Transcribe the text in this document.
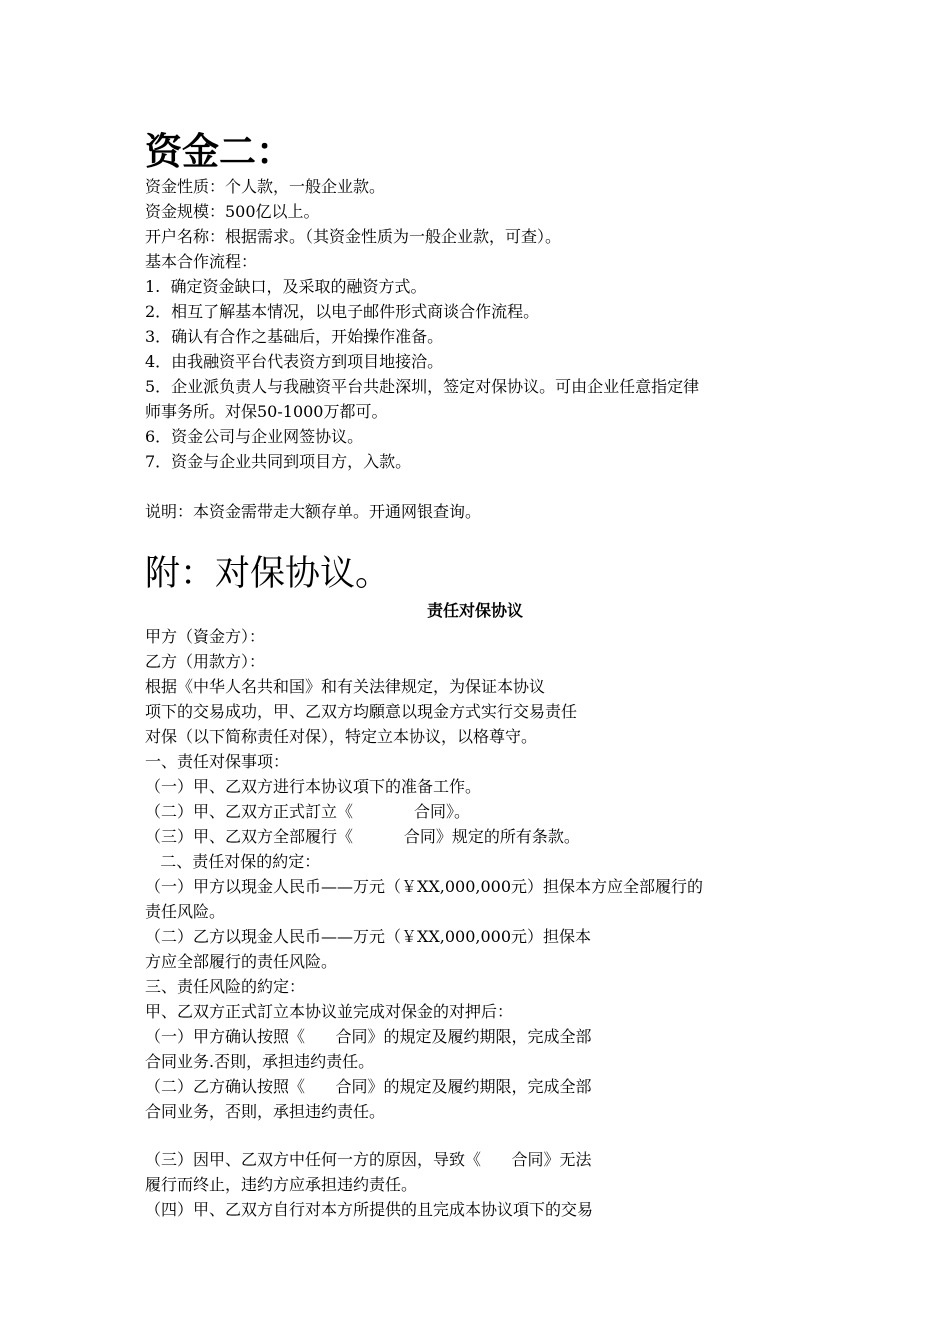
资金二：
资金性质：个人款，一般企业款。
资金规模：500亿以上。
开户名称：根据需求。（其资金性质为一般企业款，可查）。
基本合作流程：
1.  确定资金缺口，及采取的融资方式。
2．相互了解基本情况，以电子邮件形式商谈合作流程。
3．确认有合作之基础后，开始操作准备。
4．由我融资平台代表资方到项目地接洽。
5．企业派负责人与我融资平台共赴深圳，签定对保协议。可由企业任意指定律
师事务所。对保50-1000万都可。
6．资金公司与企业网签协议。
7．资金与企业共同到项目方，入款。
说明：本资金需带走大额存单。开通网银查询。
附：对保协议。
责任对保协议
甲方（資金方）：
乙方（用款方）：
根据《中华人名共和国》和有关法律规定，为保证本协议
项下的交易成功，甲、乙双方均願意以現金方式实行交易责任
对保（以下简称责任对保），特定立本协议，以格尊守。
一、责任对保事项：
（一）甲、乙双方进行本协议項下的准备工作。
（二）甲、乙双方正式訂立《            合同》。
（三）甲、乙双方全部履行《          合同》规定的所有条款。
二、责任对保的約定：
（一）甲方以現金人民币——万元（￥XX,000,000元）担保本方应全部履行的
责任风险。
（二）乙方以現金人民币——万元（￥XX,000,000元）担保本
方应全部履行的责任风险。
三、责任风险的約定：
甲、乙双方正式訂立本协议並完成对保金的对押后：
（一）甲方确认按照《      合同》的規定及履约期限，完成全部
合同业务.否則，承担违约责任。
（二）乙方确认按照《      合同》的規定及履约期限，完成全部
合同业务，否則，承担违约责任。
（三）因甲、乙双方中任何一方的原因，导致《      合同》无法
履行而终止，违约方应承担违约责任。
（四）甲、乙双方自行对本方所提供的且完成本协议項下的交易
